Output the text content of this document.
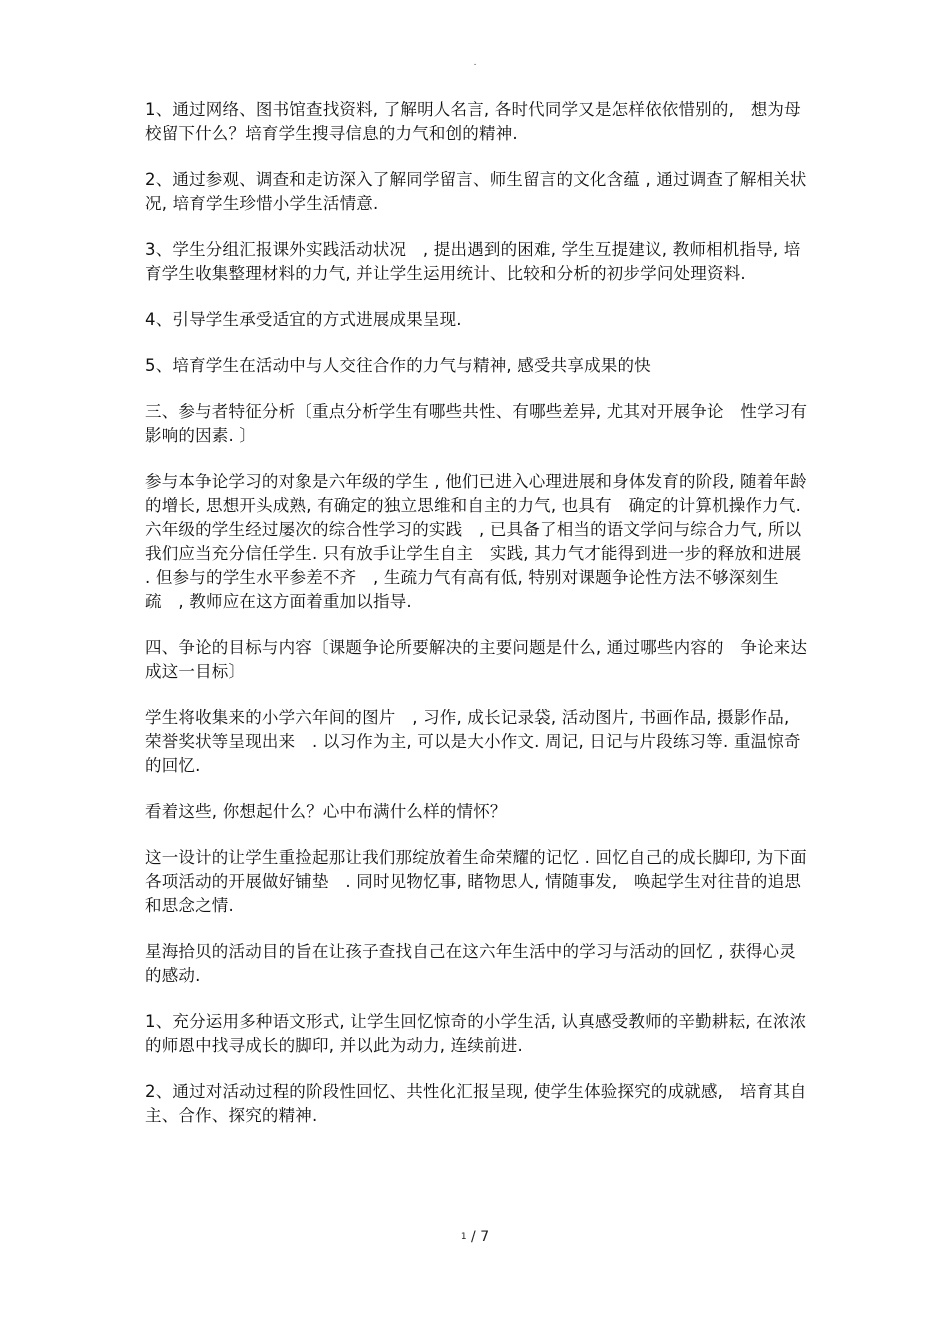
.

1、通过网络、图书馆查找资料, 了解明人名言, 各时代同学又是怎样依依惜别的,　想为母校留下什么？培育学生搜寻信息的力气和创的精神.

2、通过参观、调查和走访深入了解同学留言、师生留言的文化含蕴 , 通过调查了解相关状况, 培育学生珍惜小学生活情意.

3、学生分组汇报课外实践活动状况　, 提出遇到的困难, 学生互提建议, 教师相机指导, 培育学生收集整理材料的力气, 并让学生运用统计、比较和分析的初步学问处理资料.

4、引导学生承受适宜的方式进展成果呈现.

5、培育学生在活动中与人交往合作的力气与精神, 感受共享成果的快

三、参与者特征分析〔重点分析学生有哪些共性、有哪些差异, 尤其对开展争论　性学习有影响的因素. 〕

参与本争论学习的对象是六年级的学生 , 他们已进入心理进展和身体发育的阶段, 随着年龄的增长, 思想开头成熟, 有确定的独立思维和自主的力气, 也具有　确定的计算机操作力气. 六年级的学生经过屡次的综合性学习的实践　, 已具备了相当的语文学问与综合力气, 所以我们应当充分信任学生. 只有放手让学生自主　实践, 其力气才能得到进一步的释放和进展 . 但参与的学生水平参差不齐　, 生疏力气有高有低, 特别对课题争论性方法不够深刻生疏　, 教师应在这方面着重加以指导.

四、争论的目标与内容〔课题争论所要解决的主要问题是什么, 通过哪些内容的　争论来达成这一目标〕

学生将收集来的小学六年间的图片　, 习作, 成长记录袋, 活动图片, 书画作品, 摄影作品, 荣誉奖状等呈现出来　. 以习作为主, 可以是大小作文. 周记, 日记与片段练习等. 重温惊奇的回忆.

看着这些, 你想起什么？心中布满什么样的情怀？

这一设计的让学生重捡起那让我们那绽放着生命荣耀的记忆 . 回忆自己的成长脚印, 为下面各项活动的开展做好铺垫　. 同时见物忆事, 睹物思人, 情随事发,　唤起学生对往昔的追思和思念之情.

星海拾贝的活动目的旨在让孩子查找自己在这六年生活中的学习与活动的回忆 , 获得心灵的感动.

1、充分运用多种语文形式, 让学生回忆惊奇的小学生活, 认真感受教师的辛勤耕耘, 在浓浓的师恩中找寻成长的脚印, 并以此为动力, 连续前进.

2、通过对活动过程的阶段性回忆、共性化汇报呈现, 使学生体验探究的成就感,　培育其自主、合作、探究的精神.

1 / 7
